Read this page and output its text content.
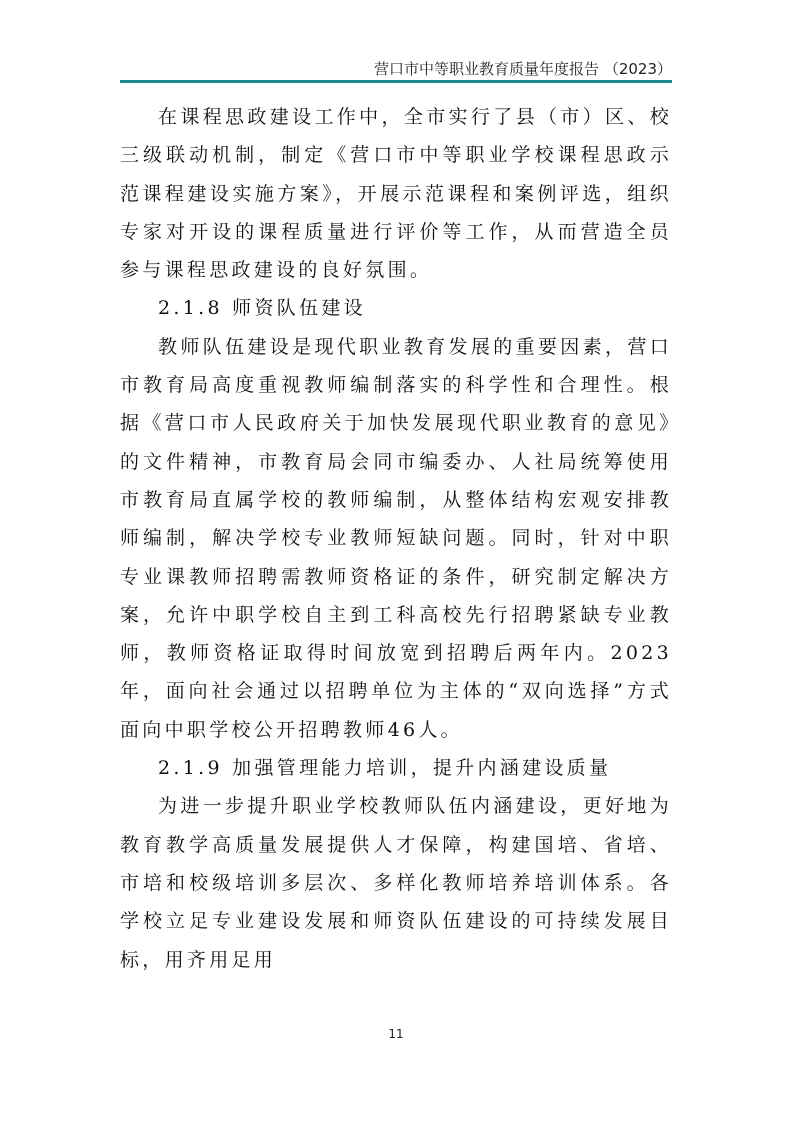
营口市中等职业教育质量年度报告 （2023）

在课程思政建设工作中，全市实行了县（市）区、校三级联动机制，制定《营口市中等职业学校课程思政示范课程建设实施方案》，开展示范课程和案例评选，组织专家对开设的课程质量进行评价等工作，从而营造全员参与课程思政建设的良好氛围。

2.1.8 师资队伍建设

教师队伍建设是现代职业教育发展的重要因素，营口市教育局高度重视教师编制落实的科学性和合理性。根据《营口市人民政府关于加快发展现代职业教育的意见》的文件精神，市教育局会同市编委办、人社局统筹使用市教育局直属学校的教师编制，从整体结构宏观安排教师编制，解决学校专业教师短缺问题。同时，针对中职专业课教师招聘需教师资格证的条件，研究制定解决方案，允许中职学校自主到工科高校先行招聘紧缺专业教师，教师资格证取得时间放宽到招聘后两年内。2023年，面向社会通过以招聘单位为主体的“双向选择”方式面向中职学校公开招聘教师46人。

2.1.9 加强管理能力培训，提升内涵建设质量

为进一步提升职业学校教师队伍内涵建设，更好地为教育教学高质量发展提供人才保障，构建国培、省培、市培和校级培训多层次、多样化教师培养培训体系。各学校立足专业建设发展和师资队伍建设的可持续发展目标，用齐用足用

11
